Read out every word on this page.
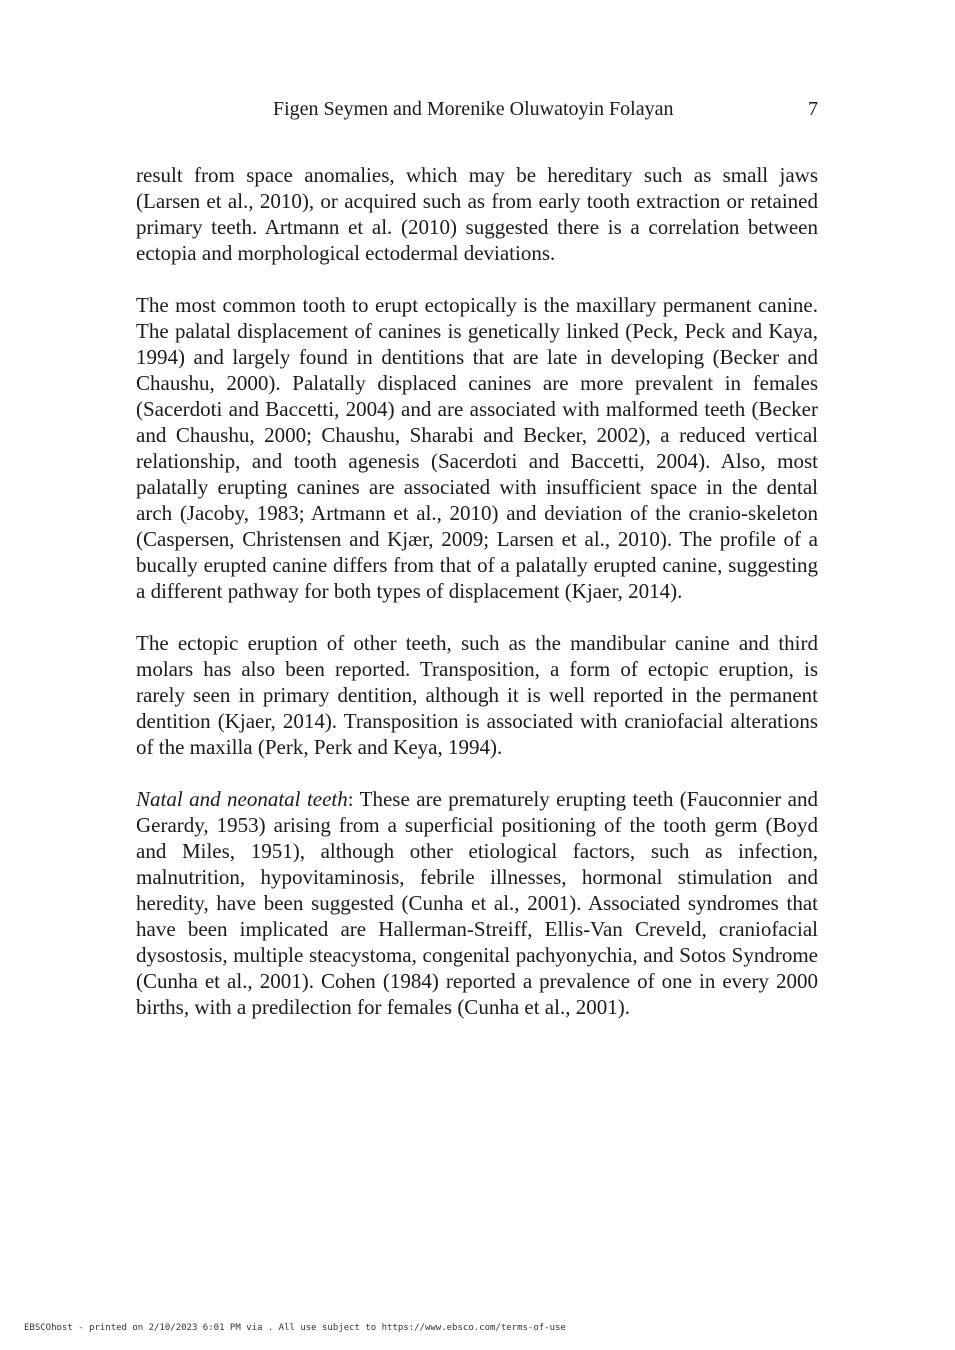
Figen Seymen and Morenike Oluwatoyin Folayan	7

result from space anomalies, which may be hereditary such as small jaws (Larsen et al., 2010), or acquired such as from early tooth extraction or retained primary teeth. Artmann et al. (2010) suggested there is a correlation between ectopia and morphological ectodermal deviations.

The most common tooth to erupt ectopically is the maxillary permanent canine. The palatal displacement of canines is genetically linked (Peck, Peck and Kaya, 1994) and largely found in dentitions that are late in developing (Becker and Chaushu, 2000). Palatally displaced canines are more prevalent in females (Sacerdoti and Baccetti, 2004) and are associated with malformed teeth (Becker and Chaushu, 2000; Chaushu, Sharabi and Becker, 2002), a reduced vertical relationship, and tooth agenesis (Sacerdoti and Baccetti, 2004). Also, most palatally erupting canines are associated with insufficient space in the dental arch (Jacoby, 1983; Artmann et al., 2010) and deviation of the cranio-skeleton (Caspersen, Christensen and Kjær, 2009; Larsen et al., 2010). The profile of a bucally erupted canine differs from that of a palatally erupted canine, suggesting a different pathway for both types of displacement (Kjaer, 2014).

The ectopic eruption of other teeth, such as the mandibular canine and third molars has also been reported. Transposition, a form of ectopic eruption, is rarely seen in primary dentition, although it is well reported in the permanent dentition (Kjaer, 2014). Transposition is associated with craniofacial alterations of the maxilla (Perk, Perk and Keya, 1994).

Natal and neonatal teeth: These are prematurely erupting teeth (Fauconnier and Gerardy, 1953) arising from a superficial positioning of the tooth germ (Boyd and Miles, 1951), although other etiological factors, such as infection, malnutrition, hypovitaminosis, febrile illnesses, hormonal stimulation and heredity, have been suggested (Cunha et al., 2001). Associated syndromes that have been implicated are Hallerman-Streiff, Ellis-Van Creveld, craniofacial dysostosis, multiple steacystoma, congenital pachyonychia, and Sotos Syndrome (Cunha et al., 2001). Cohen (1984) reported a prevalence of one in every 2000 births, with a predilection for females (Cunha et al., 2001).

EBSCOhost - printed on 2/10/2023 6:01 PM via . All use subject to https://www.ebsco.com/terms-of-use
